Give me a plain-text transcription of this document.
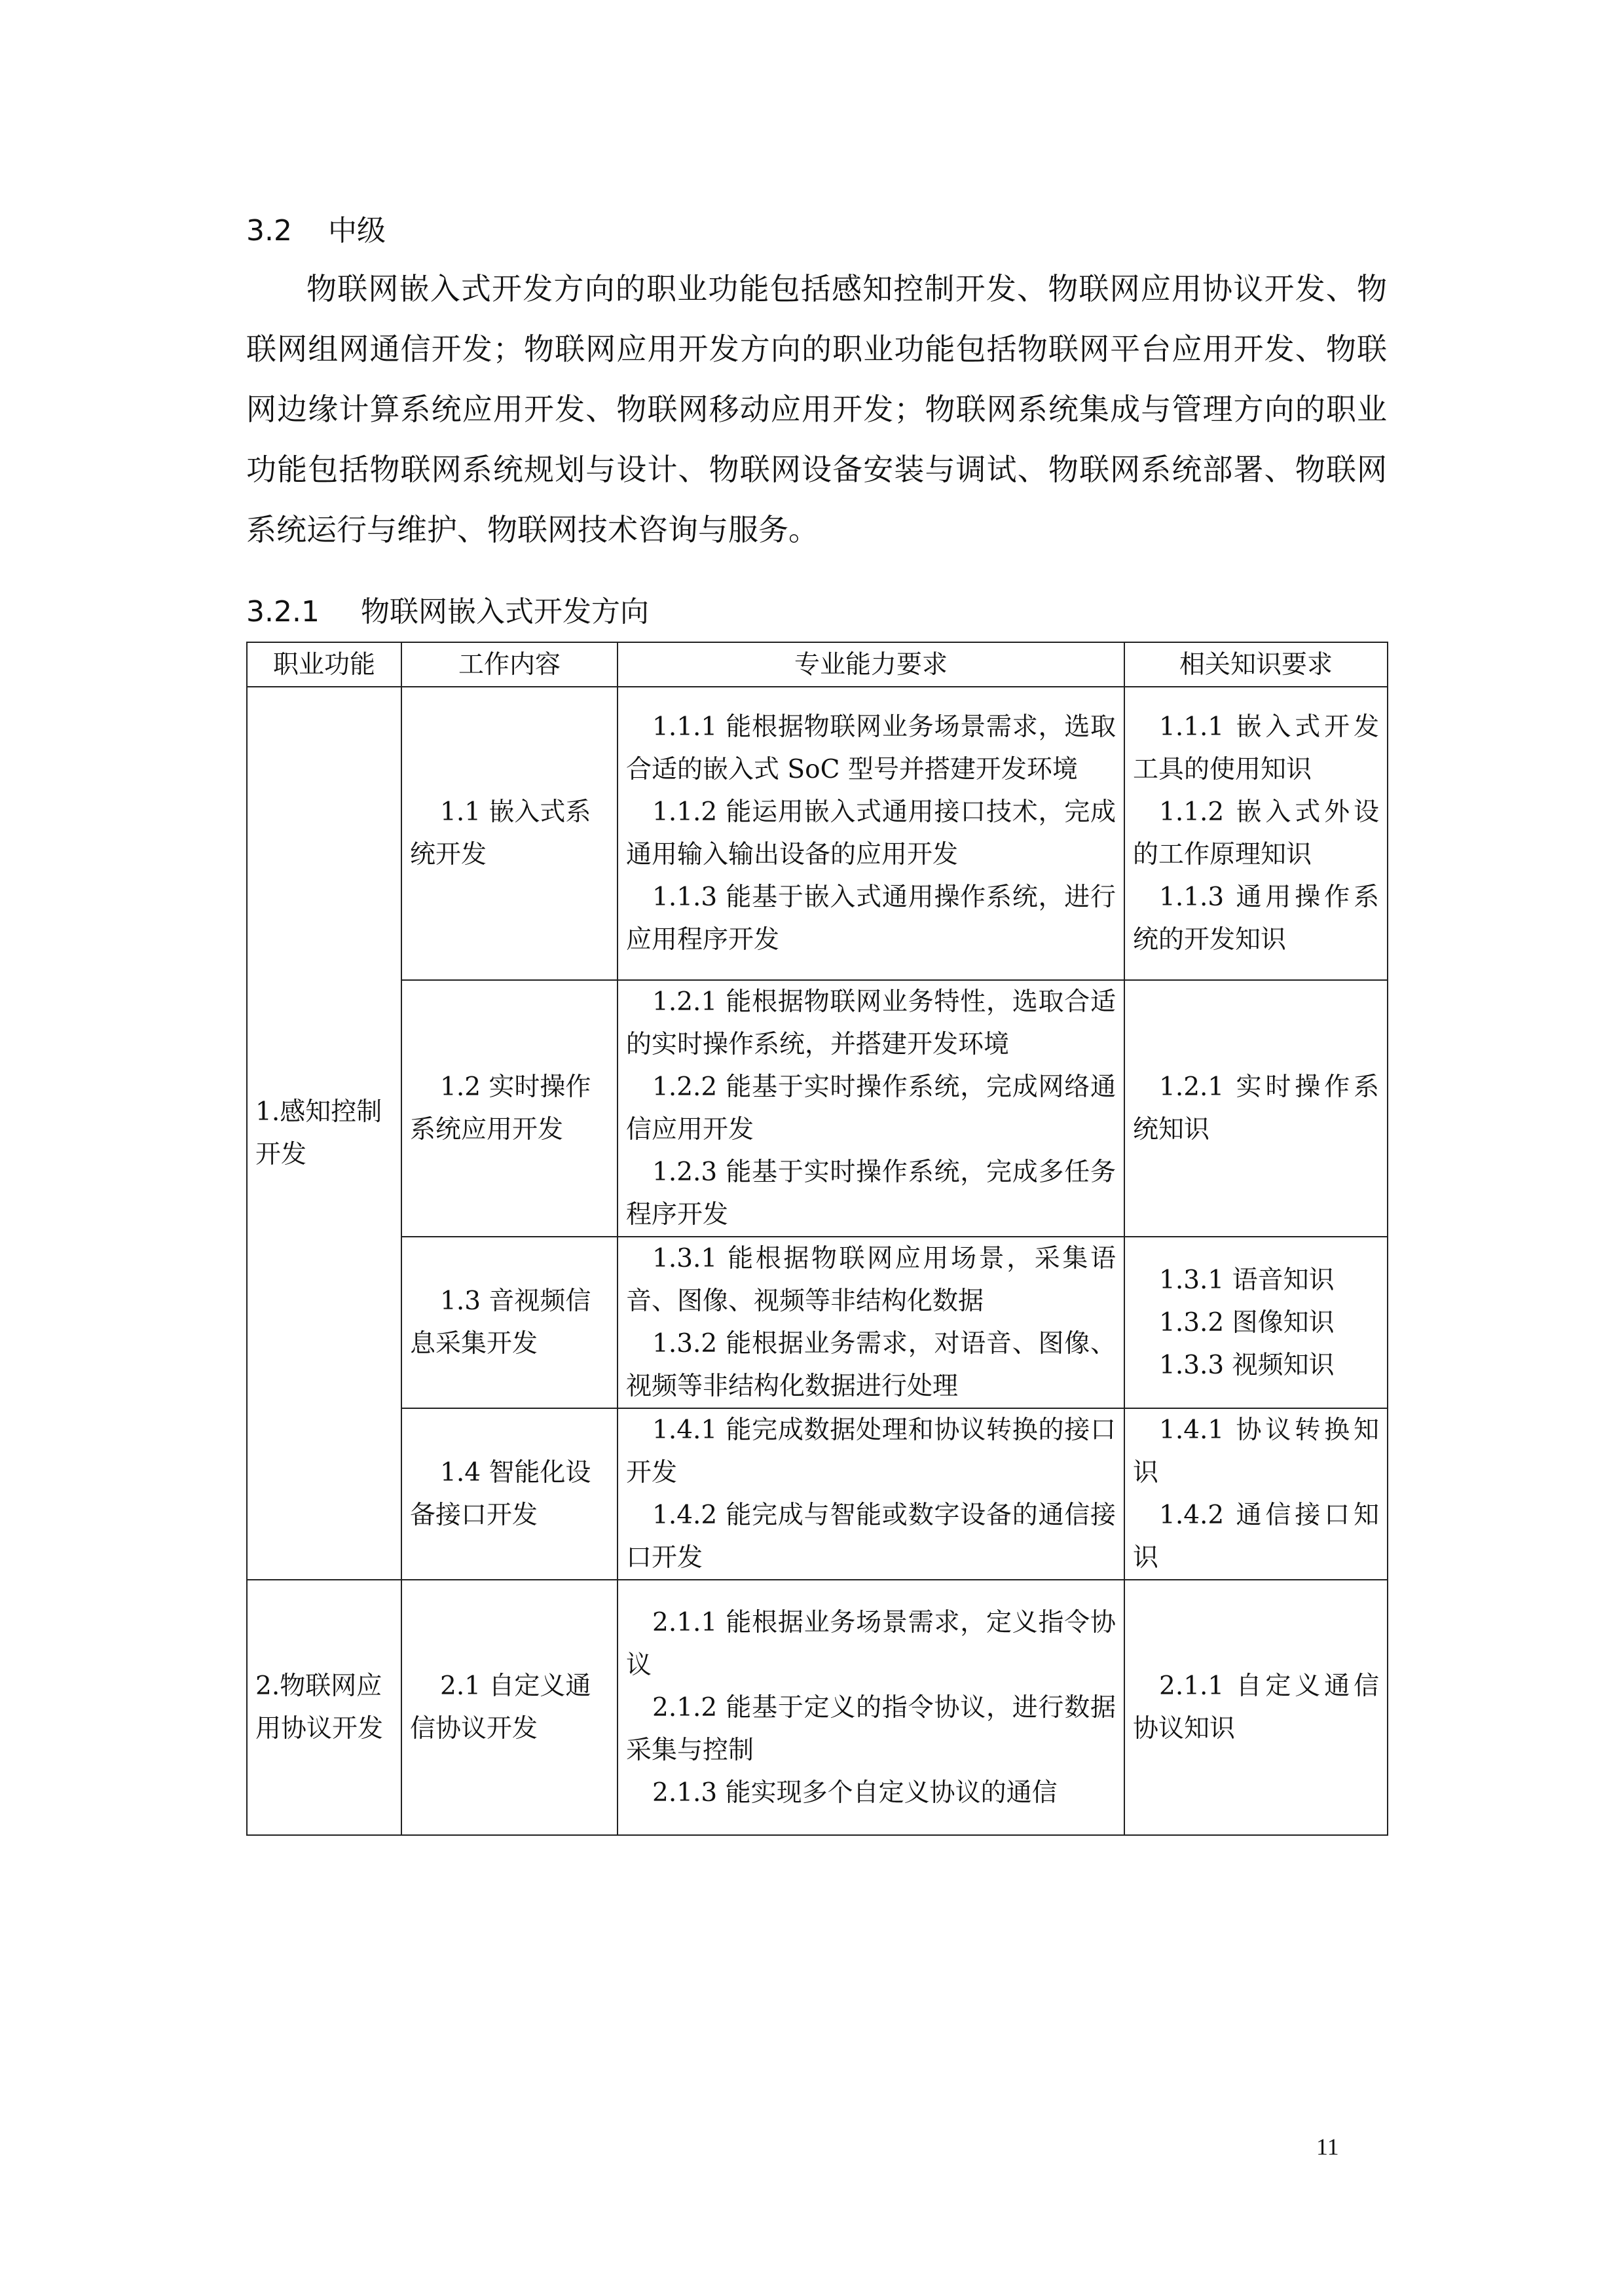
3.2 中级
物联网嵌入式开发方向的职业功能包括感知控制开发、物联网应用协议开发、物联网组网通信开发；物联网应用开发方向的职业功能包括物联网平台应用开发、物联网边缘计算系统应用开发、物联网移动应用开发；物联网系统集成与管理方向的职业功能包括物联网系统规划与设计、物联网设备安装与调试、物联网系统部署、物联网系统运行与维护、物联网技术咨询与服务。
3.2.1 物联网嵌入式开发方向
职业功能	工作内容	专业能力要求	相关知识要求
1.感知控制开发	1.1 嵌入式系统开发	1.1.1 能根据物联网业务场景需求，选取合适的嵌入式 SoC 型号并搭建开发环境
1.1.2 能运用嵌入式通用接口技术，完成通用输入输出设备的应用开发
1.1.3 能基于嵌入式通用操作系统，进行应用程序开发	1.1.1 嵌入式开发工具的使用知识
1.1.2 嵌入式外设的工作原理知识
1.1.3 通用操作系统的开发知识

	1.2 实时操作系统应用开发	1.2.1 能根据物联网业务特性，选取合适的实时操作系统，并搭建开发环境
1.2.2 能基于实时操作系统，完成网络通信应用开发
1.2.3 能基于实时操作系统，完成多任务程序开发	1.2.1 实时操作系统知识

	1.3 音视频信息采集开发	1.3.1 能根据物联网应用场景，采集语音、图像、视频等非结构化数据
1.3.2 能根据业务需求，对语音、图像、视频等非结构化数据进行处理	1.3.1 语音知识
1.3.2 图像知识
1.3.3 视频知识

	1.4 智能化设备接口开发	1.4.1 能完成数据处理和协议转换的接口开发
1.4.2 能完成与智能或数字设备的通信接口开发	1.4.1 协议转换知识
1.4.2 通信接口知识

2.物联网应用协议开发	2.1 自定义通信协议开发	2.1.1 能根据业务场景需求，定义指令协议
2.1.2 能基于定义的指令协议，进行数据采集与控制
2.1.3 能实现多个自定义协议的通信	2.1.1 自定义通信协议知识
11
